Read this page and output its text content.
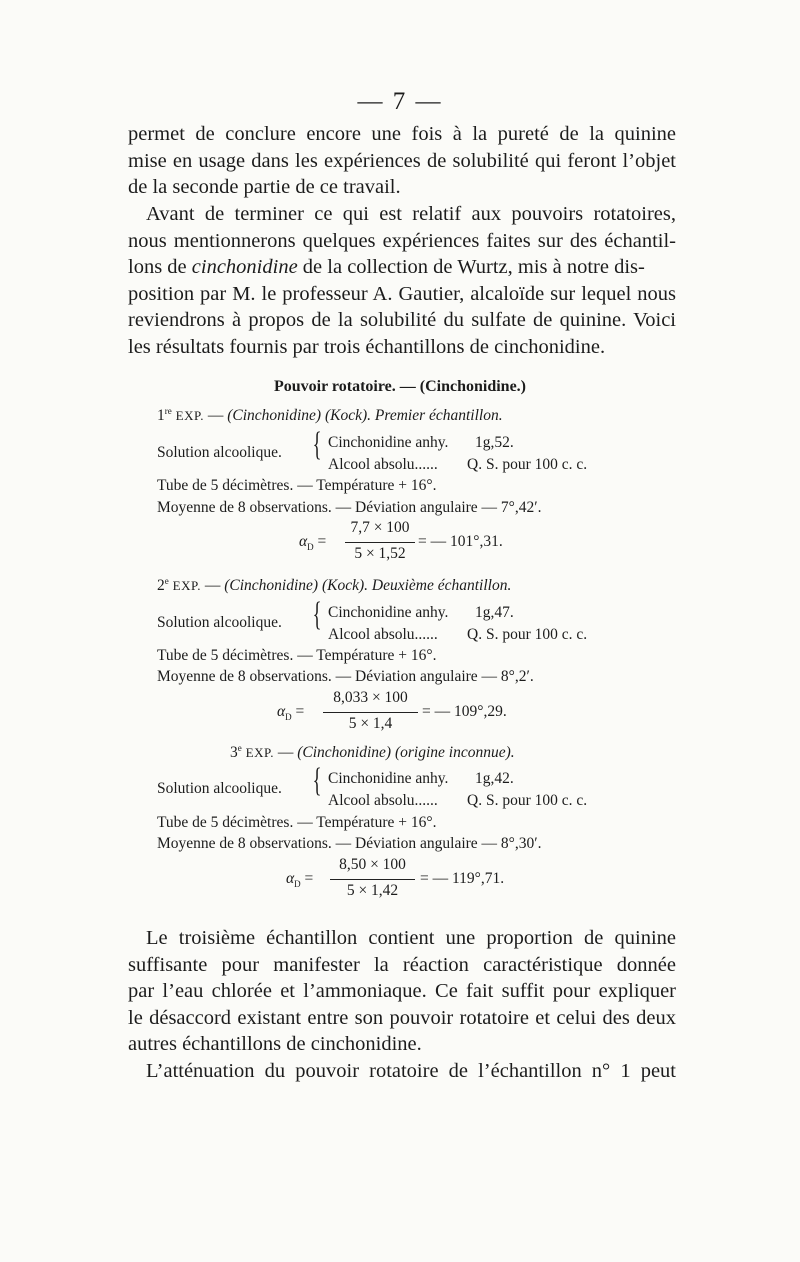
— 7 —
permet de conclure encore une fois à la pureté de la quinine
mise en usage dans les expériences de solubilité qui feront l’objet
de la seconde partie de ce travail.
Avant de terminer ce qui est relatif aux pouvoirs rotatoires,
nous mentionnerons quelques expériences faites sur des échantil-
lons de cinchonidine de la collection de Wurtz, mis à notre dis-
position par M. le professeur A. Gautier, alcaloïde sur lequel nous
reviendrons à propos de la solubilité du sulfate de quinine. Voici
les résultats fournis par trois échantillons de cinchonidine.
Pouvoir rotatoire. — (Cinchonidine.)
1re EXP. — (Cinchonidine) (Kock). Premier échantillon.
Solution alcoolique. { Cinchonidine anhy. 1g,52.
Alcool absolu...... Q. S. pour 100 c. c.
Tube de 5 décimètres. — Température + 16°.
Moyenne de 8 observations. — Déviation angulaire — 7°,42′.
$\alpha_D$ =
7,7 × 100
5 × 1,52
= — 101°,31.
2e EXP. — (Cinchonidine) (Kock). Deuxième échantillon.
Solution alcoolique. { Cinchonidine anhy. 1g,47.
Alcool absolu...... Q. S. pour 100 c. c.
Tube de 5 décimètres. — Température + 16°.
Moyenne de 8 observations. — Déviation angulaire — 8°,2′.
$\alpha_D$ =
8,033 × 100
5 × 1,4
= — 109°,29.
3e EXP. — (Cinchonidine) (origine inconnue).
Solution alcoolique. { Cinchonidine anhy. 1g,42.
Alcool absolu...... Q. S. pour 100 c. c.
Tube de 5 décimètres. — Température + 16°.
Moyenne de 8 observations. — Déviation angulaire — 8°,30′.
$\alpha_D$ =
8,50 × 100
5 × 1,42
= — 119°,71.
Le troisième échantillon contient une proportion de quinine
suffisante pour manifester la réaction caractéristique donnée
par l’eau chlorée et l’ammoniaque. Ce fait suffit pour expliquer
le désaccord existant entre son pouvoir rotatoire et celui des deux
autres échantillons de cinchonidine.
L’atténuation du pouvoir rotatoire de l’échantillon n° 1 peut
